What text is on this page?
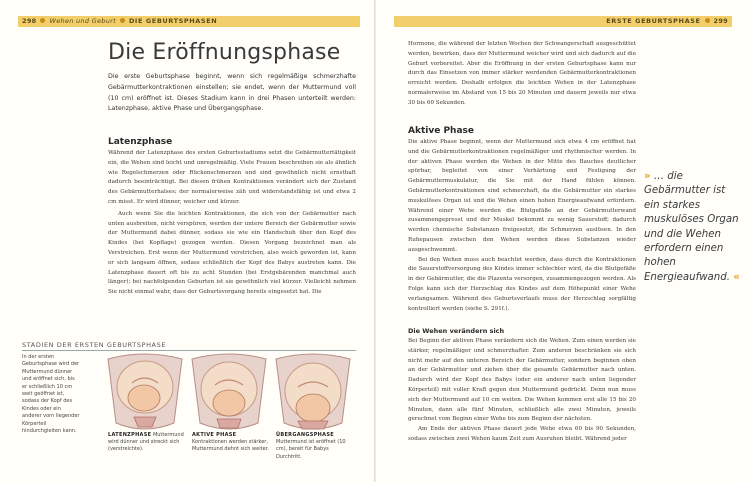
298 Wehen und Geburt DIE GEBURTSPHASEN	ERSTE GEBURTSPHASE 299
Die Eröffnungsphase
Die erste Geburtsphase beginnt, wenn sich regelmäßige schmerzhafte Gebärmutterkontraktionen einstellen; sie endet, wenn der Muttermund voll (10 cm) eröffnet ist. Dieses Stadium kann in drei Phasen unterteilt werden: Latenzphase, aktive Phase und Übergangsphase.
Latenzphase

Während der Latenzphase des ersten Geburtsstadiums setzt die Gebärmuttertätigkeit ein, die Wehen sind leicht und unregelmäßig. Viele Frauen beschreiben sie als ähnlich wie Regelschmerzen oder Rückenschmerzen und sind gewöhnlich nicht ernsthaft dadurch beeinträchtigt. Bei diesen frühen Kontraktionen verändert sich der Zustand des Gebärmutterhalses; der normalerweise zäh und widerstandsfähig ist und etwa 2 cm misst. Er wird dünner, weicher und kürzer.

Auch wenn Sie die leichten Kontraktionen, die sich von der Gebärmutter nach unten ausbreiten, nicht verspüren, werden der untere Bereich der Gebärmutter sowie der Muttermund dabei dünner, sodass sie wie ein Handschuh über den Kopf des Kindes (bei Kopflage) gezogen werden. Diesen Vorgang bezeichnet man als Verstreichen. Erst wenn der Muttermund verstrichen, also weich geworden ist, kann er sich langsam öffnen, sodass schließlich der Kopf des Babys austreten kann. Die Latenzphase dauert oft bis zu acht Stunden (bei Erstgebärenden manchmal auch länger); bei nachfolgenden Geburten ist sie gewöhnlich viel kürzer. Vielleicht nehmen Sie nicht einmal wahr, dass der Geburtsvorgang bereits eingesetzt hat. Die

STADIEN DER ERSTEN GEBURTSPHASE
In der ersten Geburtsphase wird der Muttermund dünner und eröffnet sich, bis er schließlich 10 cm weit geöffnet ist, sodass der Kopf des Kindes oder ein anderer vorn liegender Körperteil hindurchgleiten kann.
LATENZPHASE Muttermund wird dünner und streckt sich (verstreichte).
AKTIVE PHASE Kontraktionen werden stärker, Muttermund dehnt sich weiter.
ÜBERGANGSPHASE Muttermund ist eröffnet (10 cm), bereit für Babys Durchtritt.

Hormone, die während der letzten Wochen der Schwangerschaft ausgeschüttet werden, bewirken, dass der Muttermund weicher wird und sich dadurch auf die Geburt vorbereitet. Aber die Eröffnung in der ersten Geburtsphase kann nur durch das Einsetzen von immer stärker werdenden Gebärmutterkontraktionen erreicht werden. Deshalb erfolgen die leichten Wehen in der Latenzphase normalerweise im Abstand von 15 bis 20 Minuten und dauern jeweils nur etwa 30 bis 60 Sekunden.

Aktive Phase

Die aktive Phase beginnt, wenn der Muttermund sich etwa 4 cm eröffnet hat und die Gebärmutterkontraktionen regelmäßiger und rhythmischer werden. In der aktiven Phase werden die Wehen in der Mitte des Bauches deutlicher spürbar, begleitet von einer Verhärtung und Festigung der Gebärmuttermuskulatur, die Sie mit der Hand fühlen können. Gebärmutterkontraktionen sind schmerzhaft, da die Gebärmutter ein starkes muskulöses Organ ist und die Wehen einen hohen Energieaufwand erfordern. Während einer Wehe werden die Blutgefäße an der Gebärmutterwand zusammengepresst und der Muskel bekommt zu wenig Sauerstoff; dadurch werden chemische Substanzen freigesetzt, die Schmerzen auslösen. In den Ruhepausen zwischen den Wehen werden diese Substanzen wieder ausgeschwemmt.

Bei den Wehen muss auch beachtet werden, dass durch die Kontraktionen die Sauerstoffversorgung des Kindes immer schlechter wird, da die Blutgefäße in der Gebärmutter, die die Plazenta versorgen, zusammengezogen werden. Als Folge kann sich der Herzschlag des Kindes auf dem Höhepunkt einer Wehe verlangsamen. Während des Geburtsverlaufs muss der Herzschlag sorgfältig kontrolliert werden (siehe S. 291f.).

Die Wehen verändern sich

Bei Beginn der aktiven Phase verändern sich die Wehen. Zum einen werden sie stärker, regelmäßiger und schmerzhafter. Zum anderen beschränken sie sich nicht mehr auf den unteren Bereich der Gebärmutter, sondern beginnen oben an der Gebärmutter und ziehen über die gesamte Gebärmutter nach unten. Dadurch wird der Kopf des Babys (oder ein anderer nach unten liegender Körperteil) mit voller Kraft gegen den Muttermund gedrückt. Denn nun muss sich der Muttermund auf 10 cm weiten. Die Wehen kommen erst alle 15 bis 20 Minuten, dann alle fünf Minuten, schließlich alle zwei Minuten, jeweils gerechnet vom Beginn einer Wehe bis zum Beginn der nächsten.

Am Ende der aktiven Phase dauert jede Wehe etwa 60 bis 90 Sekunden, sodass zwischen zwei Wehen kaum Zeit zum Ausruhen bleibt. Während jeder

» … die Gebärmutter ist ein starkes muskulöses Organ und die Wehen erfordern einen hohen Energieaufwand. «
